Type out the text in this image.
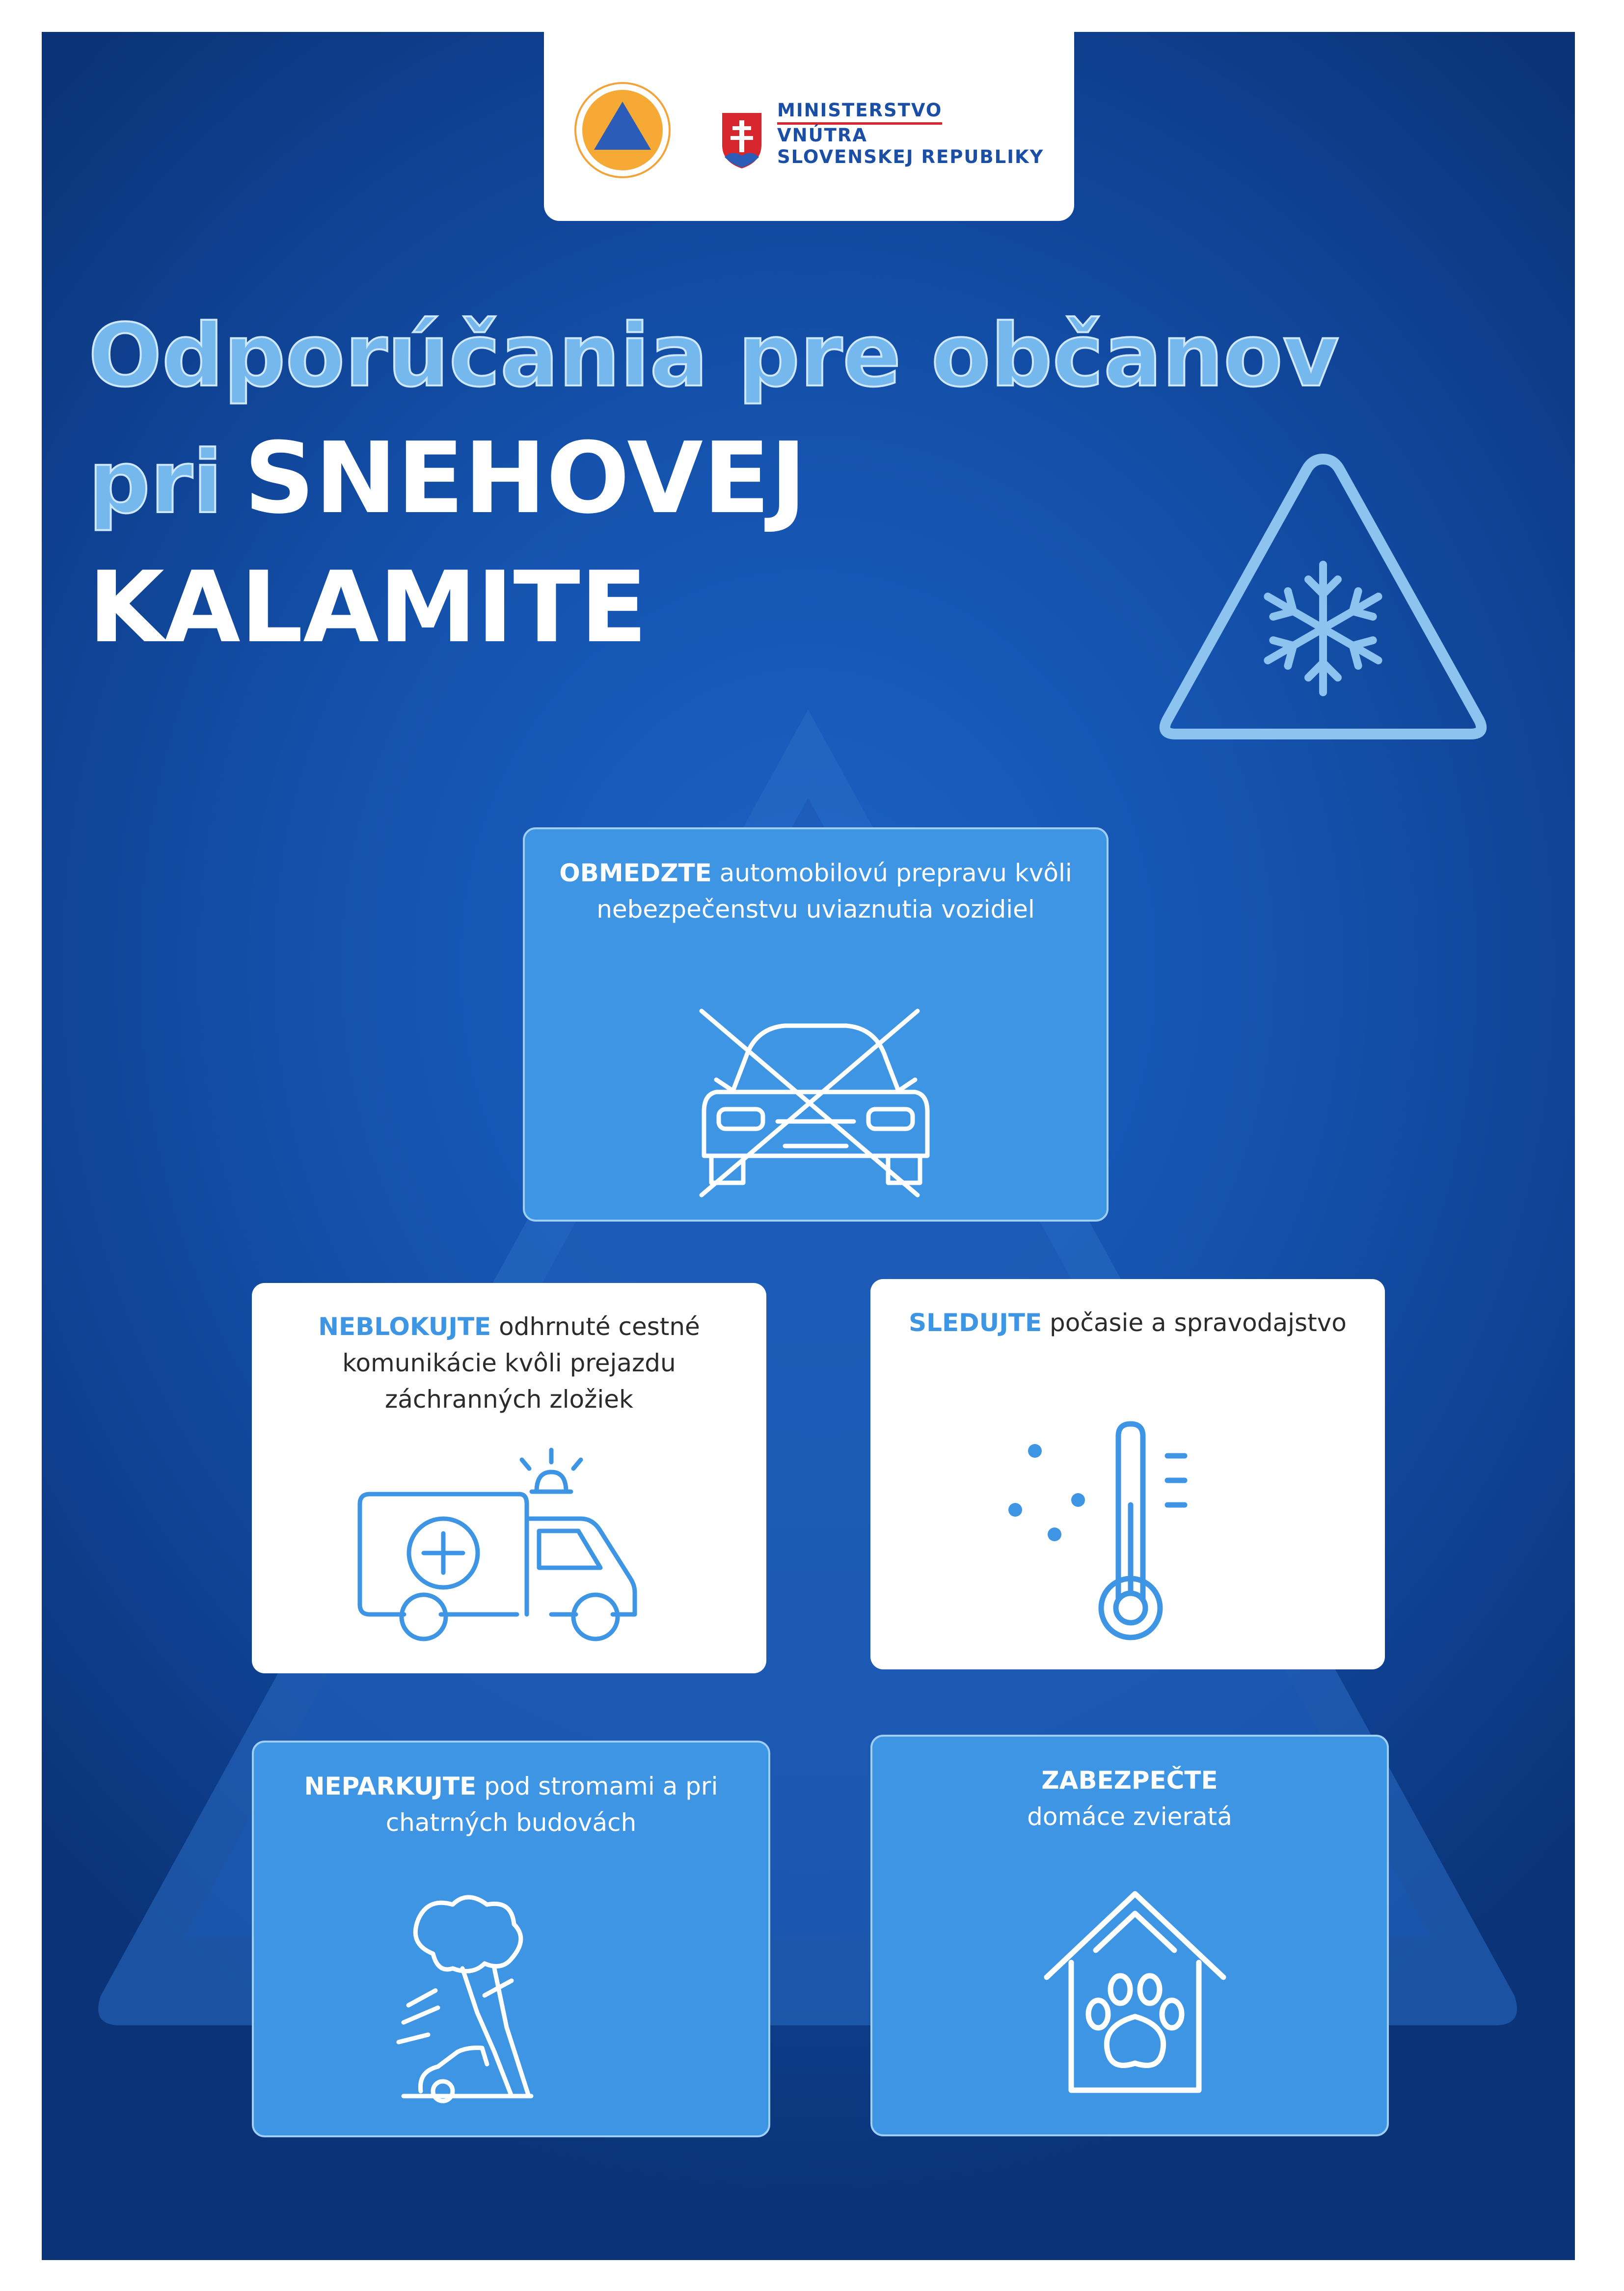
MINISTERSTVO
VNÚTRA
SLOVENSKEJ REPUBLIKY
Odporúčania pre občanov
pri SNEHOVEJ
KALAMITE
OBMEDZTE automobilovú prepravu kvôli nebezpečenstvu uviaznutia vozidiel
NEBLOKUJTE odhrnuté cestné komunikácie kvôli prejazdu záchranných zložiek
SLEDUJTE počasie a spravodajstvo
NEPARKUJTE pod stromami a pri chatrných budovách
ZABEZPEČTE
domáce zvieratá
